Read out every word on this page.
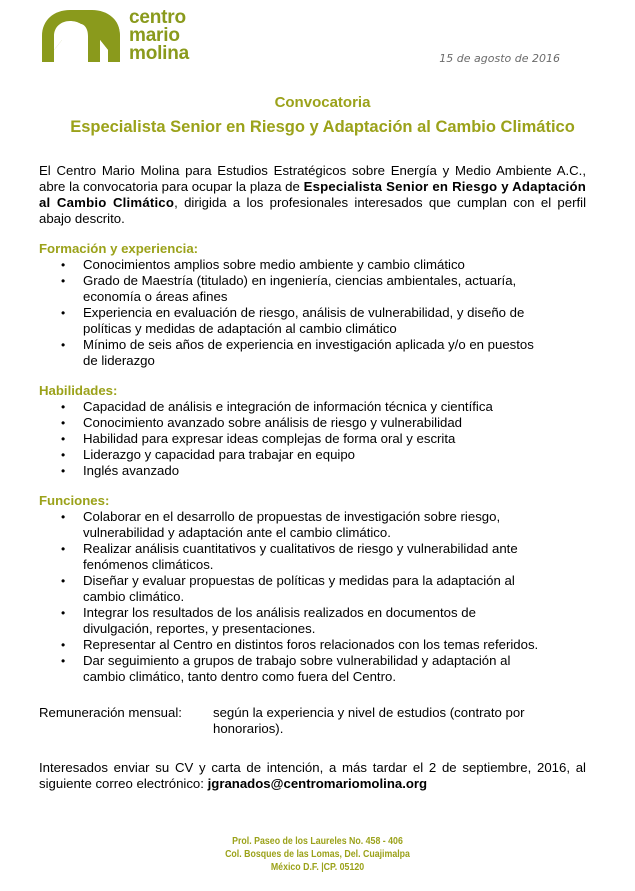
centro
mario
molina	15 de agosto de 2016
Convocatoria
Especialista Senior en Riesgo y Adaptación al Cambio Climático

El Centro Mario Molina para Estudios Estratégicos sobre Energía y Medio Ambiente A.C., abre la convocatoria para ocupar la plaza de Especialista Senior en Riesgo y Adaptación al Cambio Climático, dirigida a los profesionales interesados que cumplan con el perfil abajo descrito.

Formación y experiencia:
• Conocimientos amplios sobre medio ambiente y cambio climático
• Grado de Maestría (titulado) en ingeniería, ciencias ambientales, actuaría, economía o áreas afines
• Experiencia en evaluación de riesgo, análisis de vulnerabilidad, y diseño de políticas y medidas de adaptación al cambio climático
• Mínimo de seis años de experiencia en investigación aplicada y/o en puestos de liderazgo
Habilidades:
• Capacidad de análisis e integración de información técnica y científica
• Conocimiento avanzado sobre análisis de riesgo y vulnerabilidad
• Habilidad para expresar ideas complejas de forma oral y escrita
• Liderazgo y capacidad para trabajar en equipo
• Inglés avanzado
Funciones:
• Colaborar en el desarrollo de propuestas de investigación sobre riesgo, vulnerabilidad y adaptación ante el cambio climático.
• Realizar análisis cuantitativos y cualitativos de riesgo y vulnerabilidad ante fenómenos climáticos.
• Diseñar y evaluar propuestas de políticas y medidas para la adaptación al cambio climático.
• Integrar los resultados de los análisis realizados en documentos de divulgación, reportes, y presentaciones.
• Representar al Centro en distintos foros relacionados con los temas referidos.
• Dar seguimiento a grupos de trabajo sobre vulnerabilidad y adaptación al cambio climático, tanto dentro como fuera del Centro.
Remuneración mensual:	según la experiencia y nivel de estudios (contrato por honorarios).
Interesados enviar su CV y carta de intención, a más tardar el 2 de septiembre, 2016, al siguiente correo electrónico: jgranados@centromariomolina.org
Prol. Paseo de los Laureles No. 458 - 406
Col. Bosques de las Lomas, Del. Cuajimalpa
México D.F. |CP. 05120
